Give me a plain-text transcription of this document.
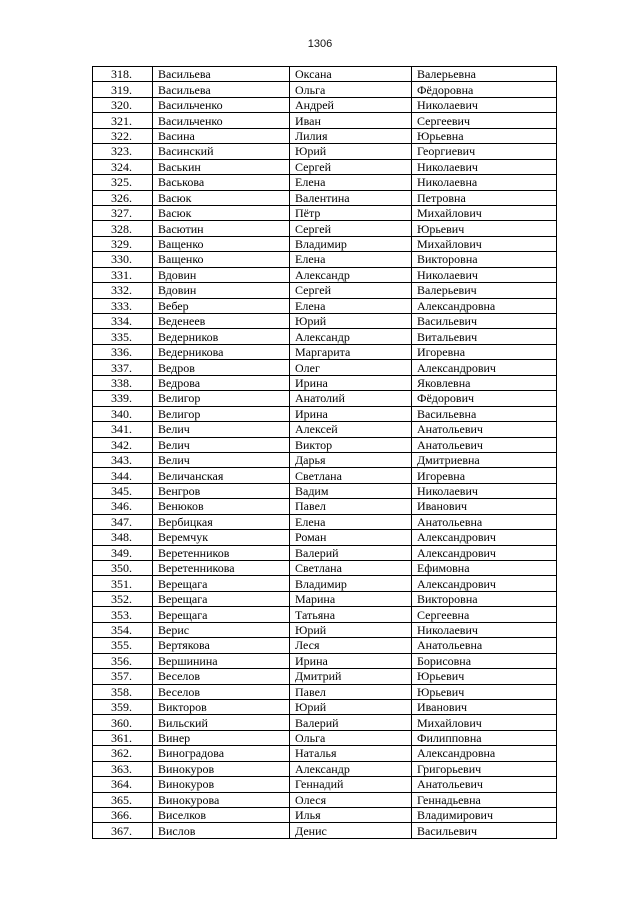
1306
318.	Васильева	Оксана	Валерьевна
319.	Васильева	Ольга	Фёдоровна
320.	Васильченко	Андрей	Николаевич
321.	Васильченко	Иван	Сергеевич
322.	Васина	Лилия	Юрьевна
323.	Васинский	Юрий	Георгиевич
324.	Васькин	Сергей	Николаевич
325.	Васькова	Елена	Николаевна
326.	Васюк	Валентина	Петровна
327.	Васюк	Пётр	Михайлович
328.	Васютин	Сергей	Юрьевич
329.	Ващенко	Владимир	Михайлович
330.	Ващенко	Елена	Викторовна
331.	Вдовин	Александр	Николаевич
332.	Вдовин	Сергей	Валерьевич
333.	Вебер	Елена	Александровна
334.	Веденеев	Юрий	Васильевич
335.	Ведерников	Александр	Витальевич
336.	Ведерникова	Маргарита	Игоревна
337.	Ведров	Олег	Александрович
338.	Ведрова	Ирина	Яковлевна
339.	Велигор	Анатолий	Фёдорович
340.	Велигор	Ирина	Васильевна
341.	Велич	Алексей	Анатольевич
342.	Велич	Виктор	Анатольевич
343.	Велич	Дарья	Дмитриевна
344.	Величанская	Светлана	Игоревна
345.	Венгров	Вадим	Николаевич
346.	Венюков	Павел	Иванович
347.	Вербицкая	Елена	Анатольевна
348.	Веремчук	Роман	Александрович
349.	Веретенников	Валерий	Александрович
350.	Веретенникова	Светлана	Ефимовна
351.	Верещага	Владимир	Александрович
352.	Верещага	Марина	Викторовна
353.	Верещага	Татьяна	Сергеевна
354.	Верис	Юрий	Николаевич
355.	Вертякова	Леся	Анатольевна
356.	Вершинина	Ирина	Борисовна
357.	Веселов	Дмитрий	Юрьевич
358.	Веселов	Павел	Юрьевич
359.	Викторов	Юрий	Иванович
360.	Вильский	Валерий	Михайлович
361.	Винер	Ольга	Филипповна
362.	Виноградова	Наталья	Александровна
363.	Винокуров	Александр	Григорьевич
364.	Винокуров	Геннадий	Анатольевич
365.	Винокурова	Олеся	Геннадьевна
366.	Виселков	Илья	Владимирович
367.	Вислов	Денис	Васильевич
